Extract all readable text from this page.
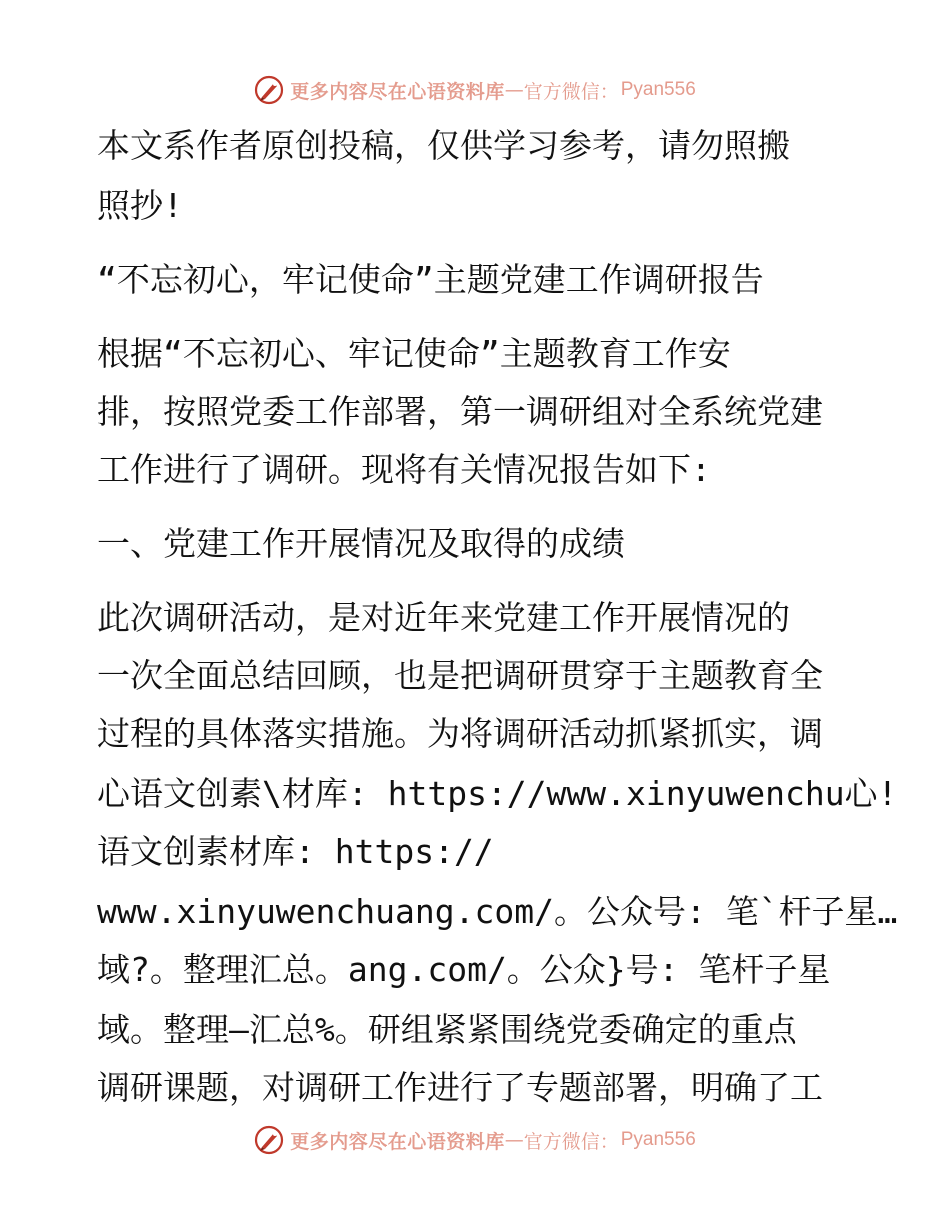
更多内容尽在心语资料库 — 官方微信： Pyan556
本文系作者原创投稿，仅供学习参考，请勿照搬
照抄!
“不忘初心，牢记使命”主题党建工作调研报告
根据“不忘初心、牢记使命”主题教育工作安
排，按照党委工作部署，第一调研组对全系统党建
工作进行了调研。现将有关情况报告如下:
一、党建工作开展情况及取得的成绩
此次调研活动，是对近年来党建工作开展情况的
一次全面总结回顾，也是把调研贯穿于主题教育全
过程的具体落实措施。为将调研活动抓紧抓实，调
心语文创素\材库: https://www.xinyuwenchu心!
语文创素材库: https://
www.xinyuwenchuang.com/。公众号: 笔`杆子星…
域?。整理汇总。ang.com/。公众}号: 笔杆子星
域。整理—汇总%。研组紧紧围绕党委确定的重点
调研课题，对调研工作进行了专题部署，明确了工
更多内容尽在心语资料库 — 官方微信： Pyan556
